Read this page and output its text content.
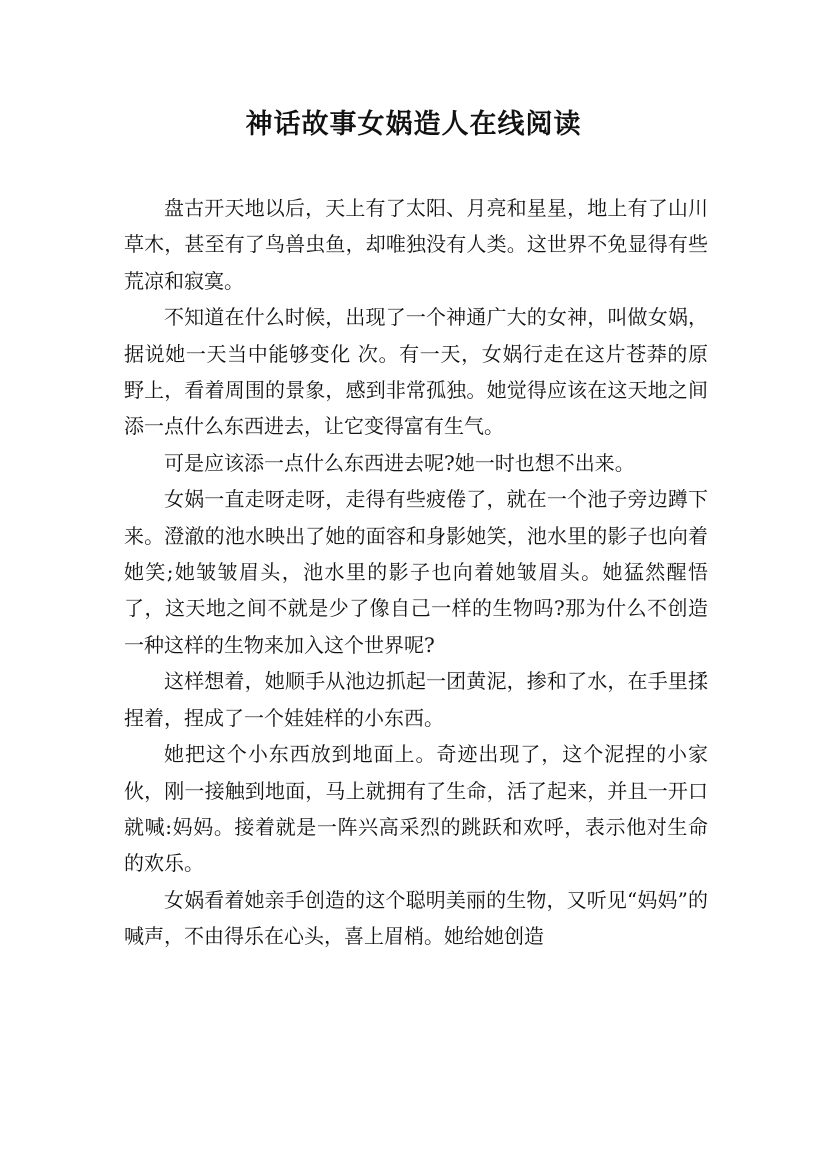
神话故事女娲造人在线阅读

盘古开天地以后，天上有了太阳、月亮和星星，地上有了山川草木，甚至有了鸟兽虫鱼，却唯独没有人类。这世界不免显得有些荒凉和寂寞。

不知道在什么时候，出现了一个神通广大的女神，叫做女娲，据说她一天当中能够变化 次。有一天，女娲行走在这片苍莽的原野上，看着周围的景象，感到非常孤独。她觉得应该在这天地之间添一点什么东西进去，让它变得富有生气。

可是应该添一点什么东西进去呢?她一时也想不出来。

女娲一直走呀走呀，走得有些疲倦了，就在一个池子旁边蹲下来。澄澈的池水映出了她的面容和身影她笑，池水里的影子也向着她笑;她皱皱眉头，池水里的影子也向着她皱眉头。她猛然醒悟了，这天地之间不就是少了像自己一样的生物吗?那为什么不创造一种这样的生物来加入这个世界呢?

这样想着，她顺手从池边抓起一团黄泥，掺和了水，在手里揉捏着，捏成了一个娃娃样的小东西。

她把这个小东西放到地面上。奇迹出现了，这个泥捏的小家伙，刚一接触到地面，马上就拥有了生命，活了起来，并且一开口就喊:妈妈。接着就是一阵兴高采烈的跳跃和欢呼，表示他对生命的欢乐。

女娲看着她亲手创造的这个聪明美丽的生物，又听见“妈妈”的喊声，不由得乐在心头，喜上眉梢。她给她创造
